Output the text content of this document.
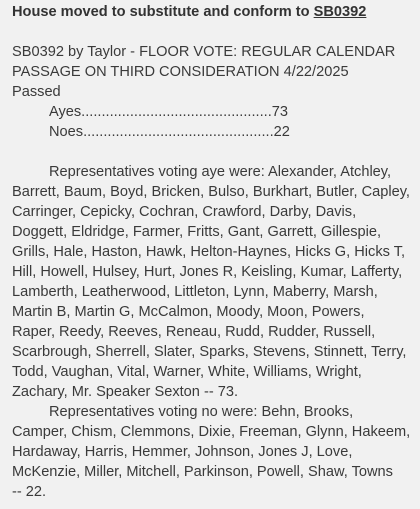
House moved to substitute and conform to SB0392
SB0392 by Taylor - FLOOR VOTE: REGULAR CALENDAR
PASSAGE ON THIRD CONSIDERATION 4/22/2025
Passed
Ayes...............................................73
Noes...............................................22
Representatives voting aye were: Alexander, Atchley,
Barrett, Baum, Boyd, Bricken, Bulso, Burkhart, Butler, Capley,
Carringer, Cepicky, Cochran, Crawford, Darby, Davis,
Doggett, Eldridge, Farmer, Fritts, Gant, Garrett, Gillespie,
Grills, Hale, Haston, Hawk, Helton-Haynes, Hicks G, Hicks T,
Hill, Howell, Hulsey, Hurt, Jones R, Keisling, Kumar, Lafferty,
Lamberth, Leatherwood, Littleton, Lynn, Maberry, Marsh,
Martin B, Martin G, McCalmon, Moody, Moon, Powers,
Raper, Reedy, Reeves, Reneau, Rudd, Rudder, Russell,
Scarbrough, Sherrell, Slater, Sparks, Stevens, Stinnett, Terry,
Todd, Vaughan, Vital, Warner, White, Williams, Wright,
Zachary, Mr. Speaker Sexton -- 73.
Representatives voting no were: Behn, Brooks,
Camper, Chism, Clemmons, Dixie, Freeman, Glynn, Hakeem,
Hardaway, Harris, Hemmer, Johnson, Jones J, Love,
McKenzie, Miller, Mitchell, Parkinson, Powell, Shaw, Towns
-- 22.
